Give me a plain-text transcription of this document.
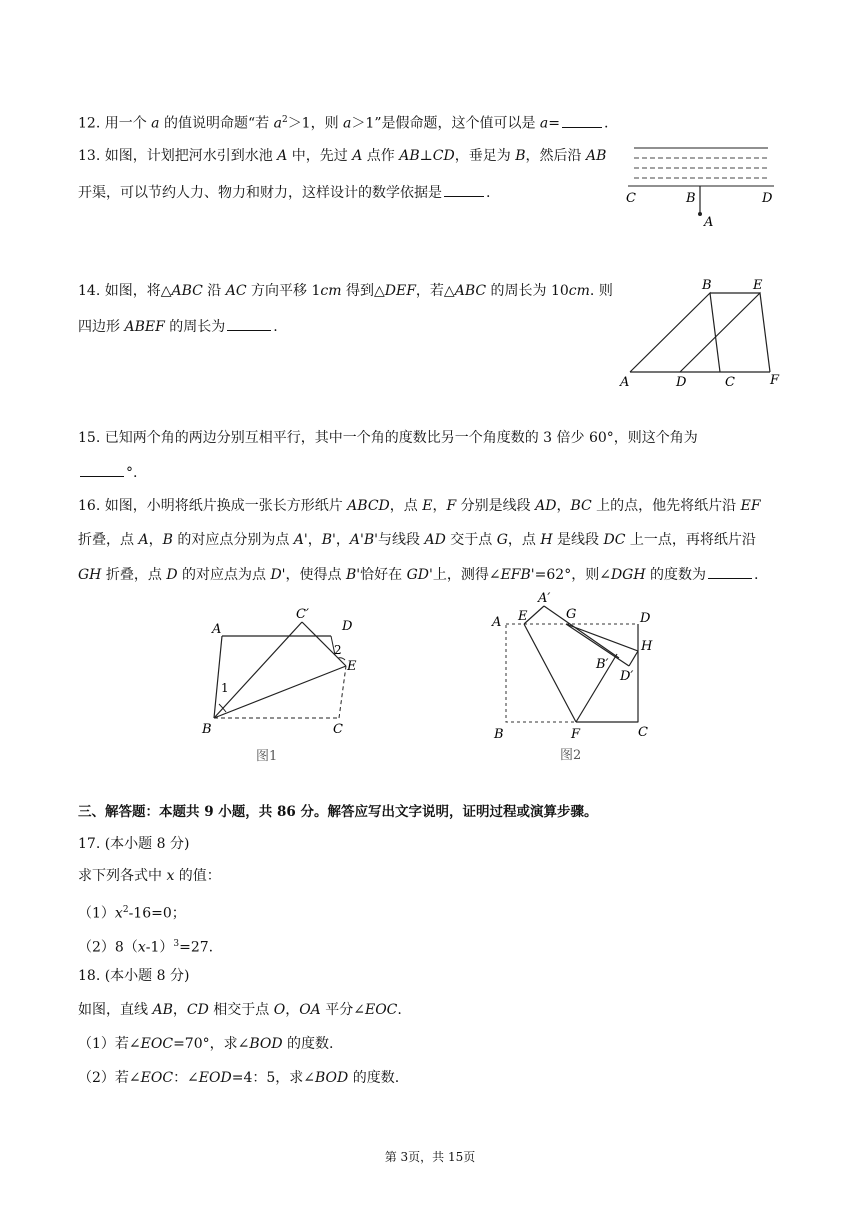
12. 用一个 a 的值说明命题“若 $a^2>1$，则 a＞1”是假命题，这个值可以是 a=	.
13. 如图，计划把河水引到水池 A 中，先过 A 点作 AB⊥CD，垂足为 B，然后沿 AB
开渠，可以节约人力、物力和财力，这样设计的数学依据是	.	C	B	D
A
14. 如图，将△ABC 沿 AC 方向平移 1cm 得到△DEF，若△ABC 的周长为 10cm. 则
四边形 ABEF 的周长为	.
B	E
A	D	C	F
15. 已知两个角的两边分别互相平行，其中一个角的度数比另一个角度数的 3 倍少 60°，则这个角为
°.
16. 如图，小明将纸片换成一张长方形纸片 ABCD，点 E，F 分别是线段 AD，BC 上的点，他先将纸片沿 EF
折叠，点 A，B 的对应点分别为点 A'，B'，A'B'与线段 AD 交于点 G，点 H 是线段 DC 上一点，再将纸片沿
GH 折叠，点 D 的对应点为点 D'，使得点 B'恰好在 GD'上，测得∠EFB'=62°，则∠DGH 的度数为	.
A
C′
D
2
E
1
B	C
图1
A′
A E	G	D
H
B′
D′
B	F	C
图2
三、解答题：本题共 9 小题，共 86 分。解答应写出文字说明，证明过程或演算步骤。
17. (本小题 8 分)
求下列各式中 x 的值：
$(1)x^2-16=0$；
$(2)8(x-1)^3=27$.
18. (本小题 8 分)
如图，直线 AB，CD 相交于点 O，OA 平分∠EOC.
（1）若∠EOC=70°，求∠BOD 的度数.
（2）若∠EOC：∠EOD=4：5，求∠BOD 的度数.
第 3页，共 15页
